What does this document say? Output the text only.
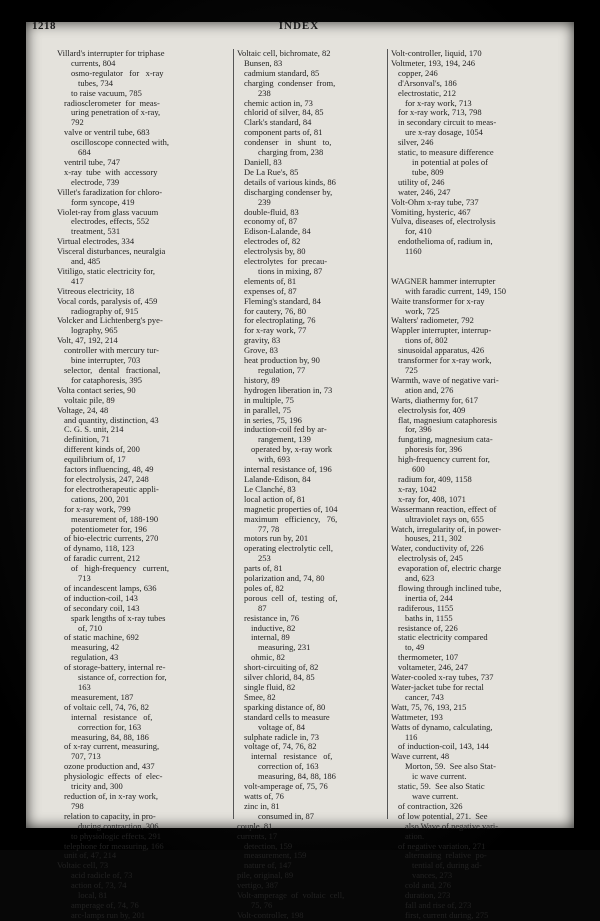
1218	INDEX
Villard's interrupter for triphase
currents, 804
osmo-regulator   for   x-ray
tubes, 734
to raise vacuum, 785
radiosclerometer  for  meas-
uring penetration of x-ray,
792
valve or ventril tube, 683
oscilloscope connected with,
684
ventril tube, 747
x-ray  tube  with  accessory
electrode, 739
Villet's faradization for chloro-
form syncope, 419
Violet-ray from glass vacuum
electrodes, effects, 552
treatment, 531
Virtual electrodes, 334
Visceral disturbances, neuralgia
and, 485
Vitiligo, static electricity for,
417
Vitreous electricity, 18
Vocal cords, paralysis of, 459
radiography of, 915
Volcker and Lichtenberg's pye-
lography, 965
Volt, 47, 192, 214
controller with mercury tur-
bine interrupter, 703
selector,   dental   fractional,
for cataphoresis, 395
Volta contact series, 90
voltaic pile, 89
Voltage, 24, 48
and quantity, distinction, 43
C. G. S. unit, 214
definition, 71
different kinds of, 200
equilibrium of, 17
factors influencing, 48, 49
for electrolysis, 247, 248
for electrotherapeutic appli-
cations, 200, 201
for x-ray work, 799
measurement of, 188-190
potentiometer for, 196
of bio-electric currents, 270
of dynamo, 118, 123
of faradic current, 212
of   high-frequency   current,
713
of incandescent lamps, 636
of induction-coil, 143
of secondary coil, 143
spark lengths of x-ray tubes
of, 710
of static machine, 692
measuring, 42
regulation, 43
of storage-battery, internal re-
sistance of, correction for,
163
measurement, 187
of voltaic cell, 74, 76, 82
internal   resistance   of,
correction for, 163
measuring, 84, 88, 186
of x-ray current, measuring,
707, 713
ozone production and, 437
physiologic  effects  of  elec-
tricity and, 300
reduction of, in x-ray work,
798
relation to capacity, in pro-
ducing contraction, 306
to physiologic effects, 291
telephone for measuring, 166
unit of, 47, 214
Voltaic cell, 73
acid radicle of, 73
action of, 73, 74
local, 81
amperage of, 74, 76
arc-lamps run by, 201
Voltaic cell, bichromate, 82
Bunsen, 83
cadmium standard, 85
charging  condenser  from,
238
chemic action in, 73
chlorid of silver, 84, 85
Clark's standard, 84
component parts of, 81
condenser   in   shunt   to,
charging from, 238
Daniell, 83
De La Rue's, 85
details of various kinds, 86
discharging condenser by,
239
double-fluid, 83
economy of, 87
Edison-Lalande, 84
electrodes of, 82
electrolysis by, 80
electrolytes  for  precau-
tions in mixing, 87
elements of, 81
expenses of, 87
Fleming's standard, 84
for cautery, 76, 80
for electroplating, 76
for x-ray work, 77
gravity, 83
Grove, 83
heat production by, 90
regulation, 77
history, 89
hydrogen liberation in, 73
in multiple, 75
in parallel, 75
in series, 75, 196
induction-coil fed by ar-
rangement, 139
operated by, x-ray work
with, 693
internal resistance of, 196
Lalande-Edison, 84
Le Clanché, 83
local action of, 81
magnetic properties of, 104
maximum   efficiency,   76,
77, 78
motors run by, 201
operating electrolytic cell,
253
parts of, 81
polarization and, 74, 80
poles of, 82
porous  cell  of,  testing  of,
87
resistance in, 76
inductive, 82
internal, 89
measuring, 231
ohmic, 82
short-circuiting of, 82
silver chlorid, 84, 85
single fluid, 82
Smee, 82
sparking distance of, 80
standard cells to measure
voltage of, 84
sulphate radicle in, 73
voltage of, 74, 76, 82
internal   resistance   of,
correction of, 163
measuring, 84, 88, 186
volt-amperage of, 75, 76
watts of, 76
zinc in, 81
consumed in, 87
couple, 81
currents, 17
detection, 159
measurement, 159
nature of, 147
pile, original, 89
vertigo, 387
Volt-amperage  of  voltaic  cell,
75, 76
Volt-controller, 198
Volt-controller, liquid, 170
Voltmeter, 193, 194, 246
copper, 246
d'Arsonval's, 186
electrostatic, 212
for x-ray work, 713
for x-ray work, 713, 798
in secondary circuit to meas-
ure x-ray dosage, 1054
silver, 246
static, to measure difference
in potential at poles of
tube, 809
utility of, 246
water, 246, 247
Volt-Ohm x-ray tube, 737
Vomiting, hysteric, 467
Vulva, diseases of, electrolysis
for, 410
endothelioma of, radium in,
1160
WAGNER hammer interrupter
with faradic current, 149, 150
Waite transformer for x-ray
work, 725
Walters' radiometer, 792
Wappler interrupter, interrup-
tions of, 802
sinusoidal apparatus, 426
transformer for x-ray work,
725
Warmth, wave of negative vari-
ation and, 276
Warts, diathermy for, 617
electrolysis for, 409
flat, magnesium cataphoresis
for, 396
fungating, magnesium cata-
phoresis for, 396
high-frequency current for,
600
radium for, 409, 1158
x-ray, 1042
x-ray for, 408, 1071
Wassermann reaction, effect of
ultraviolet rays on, 655
Watch, irregularity of, in power-
houses, 211, 302
Water, conductivity of, 226
electrolysis of, 245
evaporation of, electric charge
and, 623
flowing through inclined tube,
inertia of, 244
radiferous, 1155
baths in, 1155
resistance of, 226
static electricity compared
to, 49
thermometer, 107
voltameter, 246, 247
Water-cooled x-ray tubes, 737
Water-jacket tube for rectal
cancer, 743
Watt, 75, 76, 193, 215
Wattmeter, 193
Watts of dynamo, calculating,
116
of induction-coil, 143, 144
Wave current, 48
Morton, 59.  See also Stat-
ic wave current.
static, 59.  See also Static
wave current.
of contraction, 326
of low potential, 271.  See
also Wave of negative vari-
ation.
of negative variation, 271
alternating  relative  po-
tential of, during ad-
vances, 273
cold and, 276
duration, 273
fall and rise of, 273
first, current during, 275
